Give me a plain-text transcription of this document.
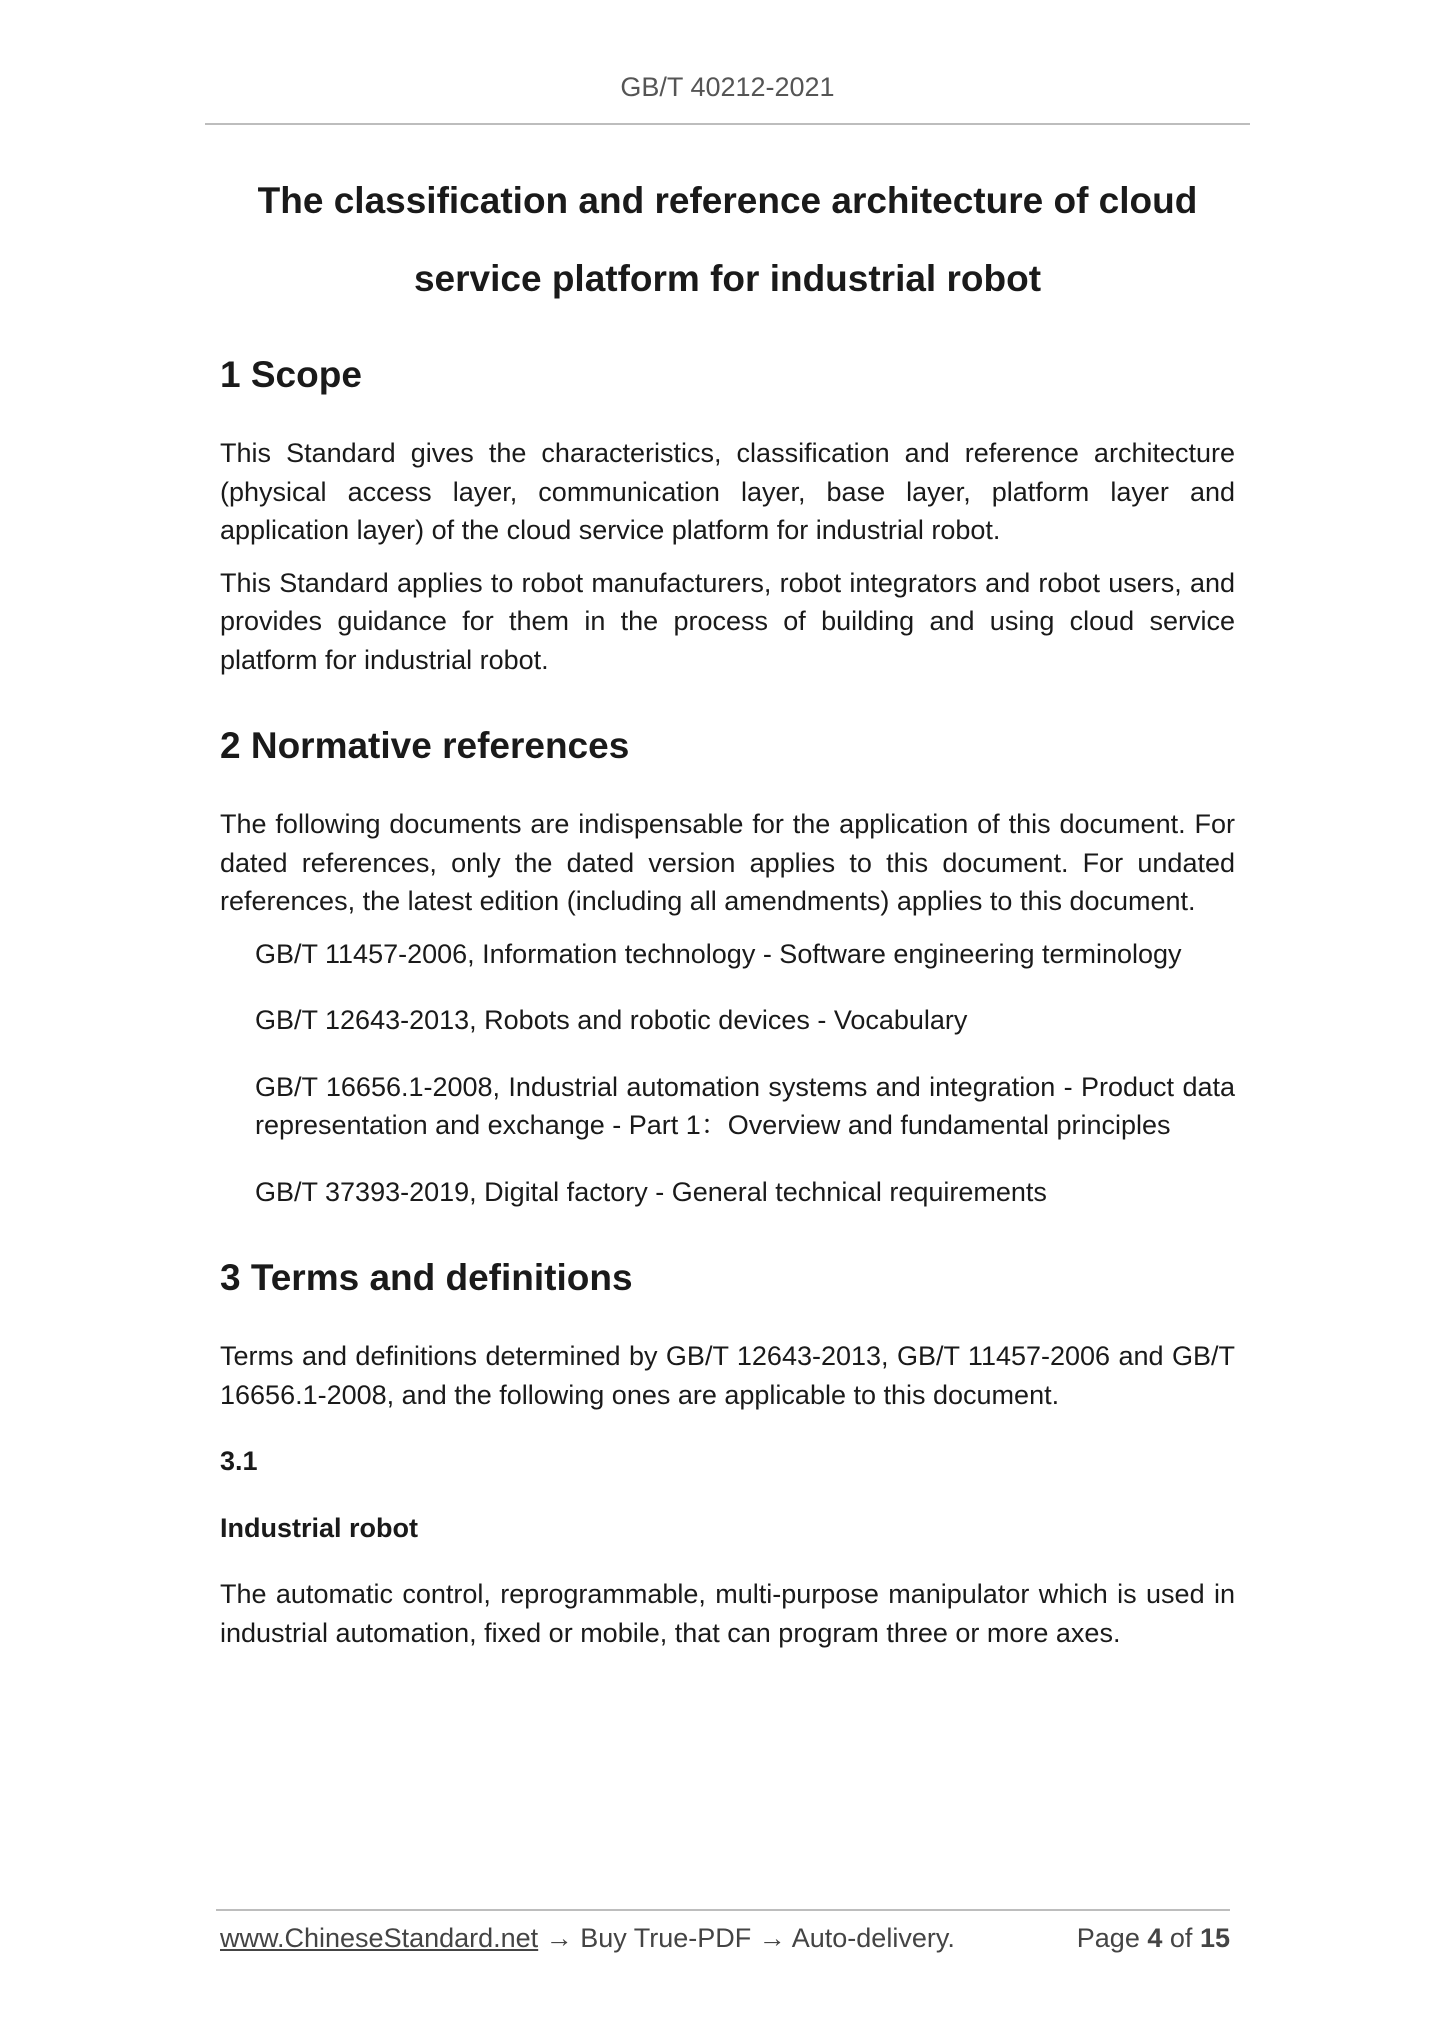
GB/T 40212-2021
The classification and reference architecture of cloud
service platform for industrial robot
1 Scope

This Standard gives the characteristics, classification and reference architecture (physical access layer, communication layer, base layer, platform layer and application layer) of the cloud service platform for industrial robot.

This Standard applies to robot manufacturers, robot integrators and robot users, and provides guidance for them in the process of building and using cloud service platform for industrial robot.

2 Normative references

The following documents are indispensable for the application of this document. For dated references, only the dated version applies to this document. For undated references, the latest edition (including all amendments) applies to this document.

GB/T 11457-2006, Information technology - Software engineering terminology
GB/T 12643-2013, Robots and robotic devices - Vocabulary
GB/T 16656.1-2008, Industrial automation systems and integration - Product data representation and exchange - Part 1：Overview and fundamental principles
GB/T 37393-2019, Digital factory - General technical requirements
3 Terms and definitions

Terms and definitions determined by GB/T 12643-2013, GB/T 11457-2006 and GB/T 16656.1-2008, and the following ones are applicable to this document.

3.1

Industrial robot

The automatic control, reprogrammable, multi-purpose manipulator which is used in industrial automation, fixed or mobile, that can program three or more axes.

www.ChineseStandard.net → Buy True-PDF → Auto-delivery.	Page 4 of 15
